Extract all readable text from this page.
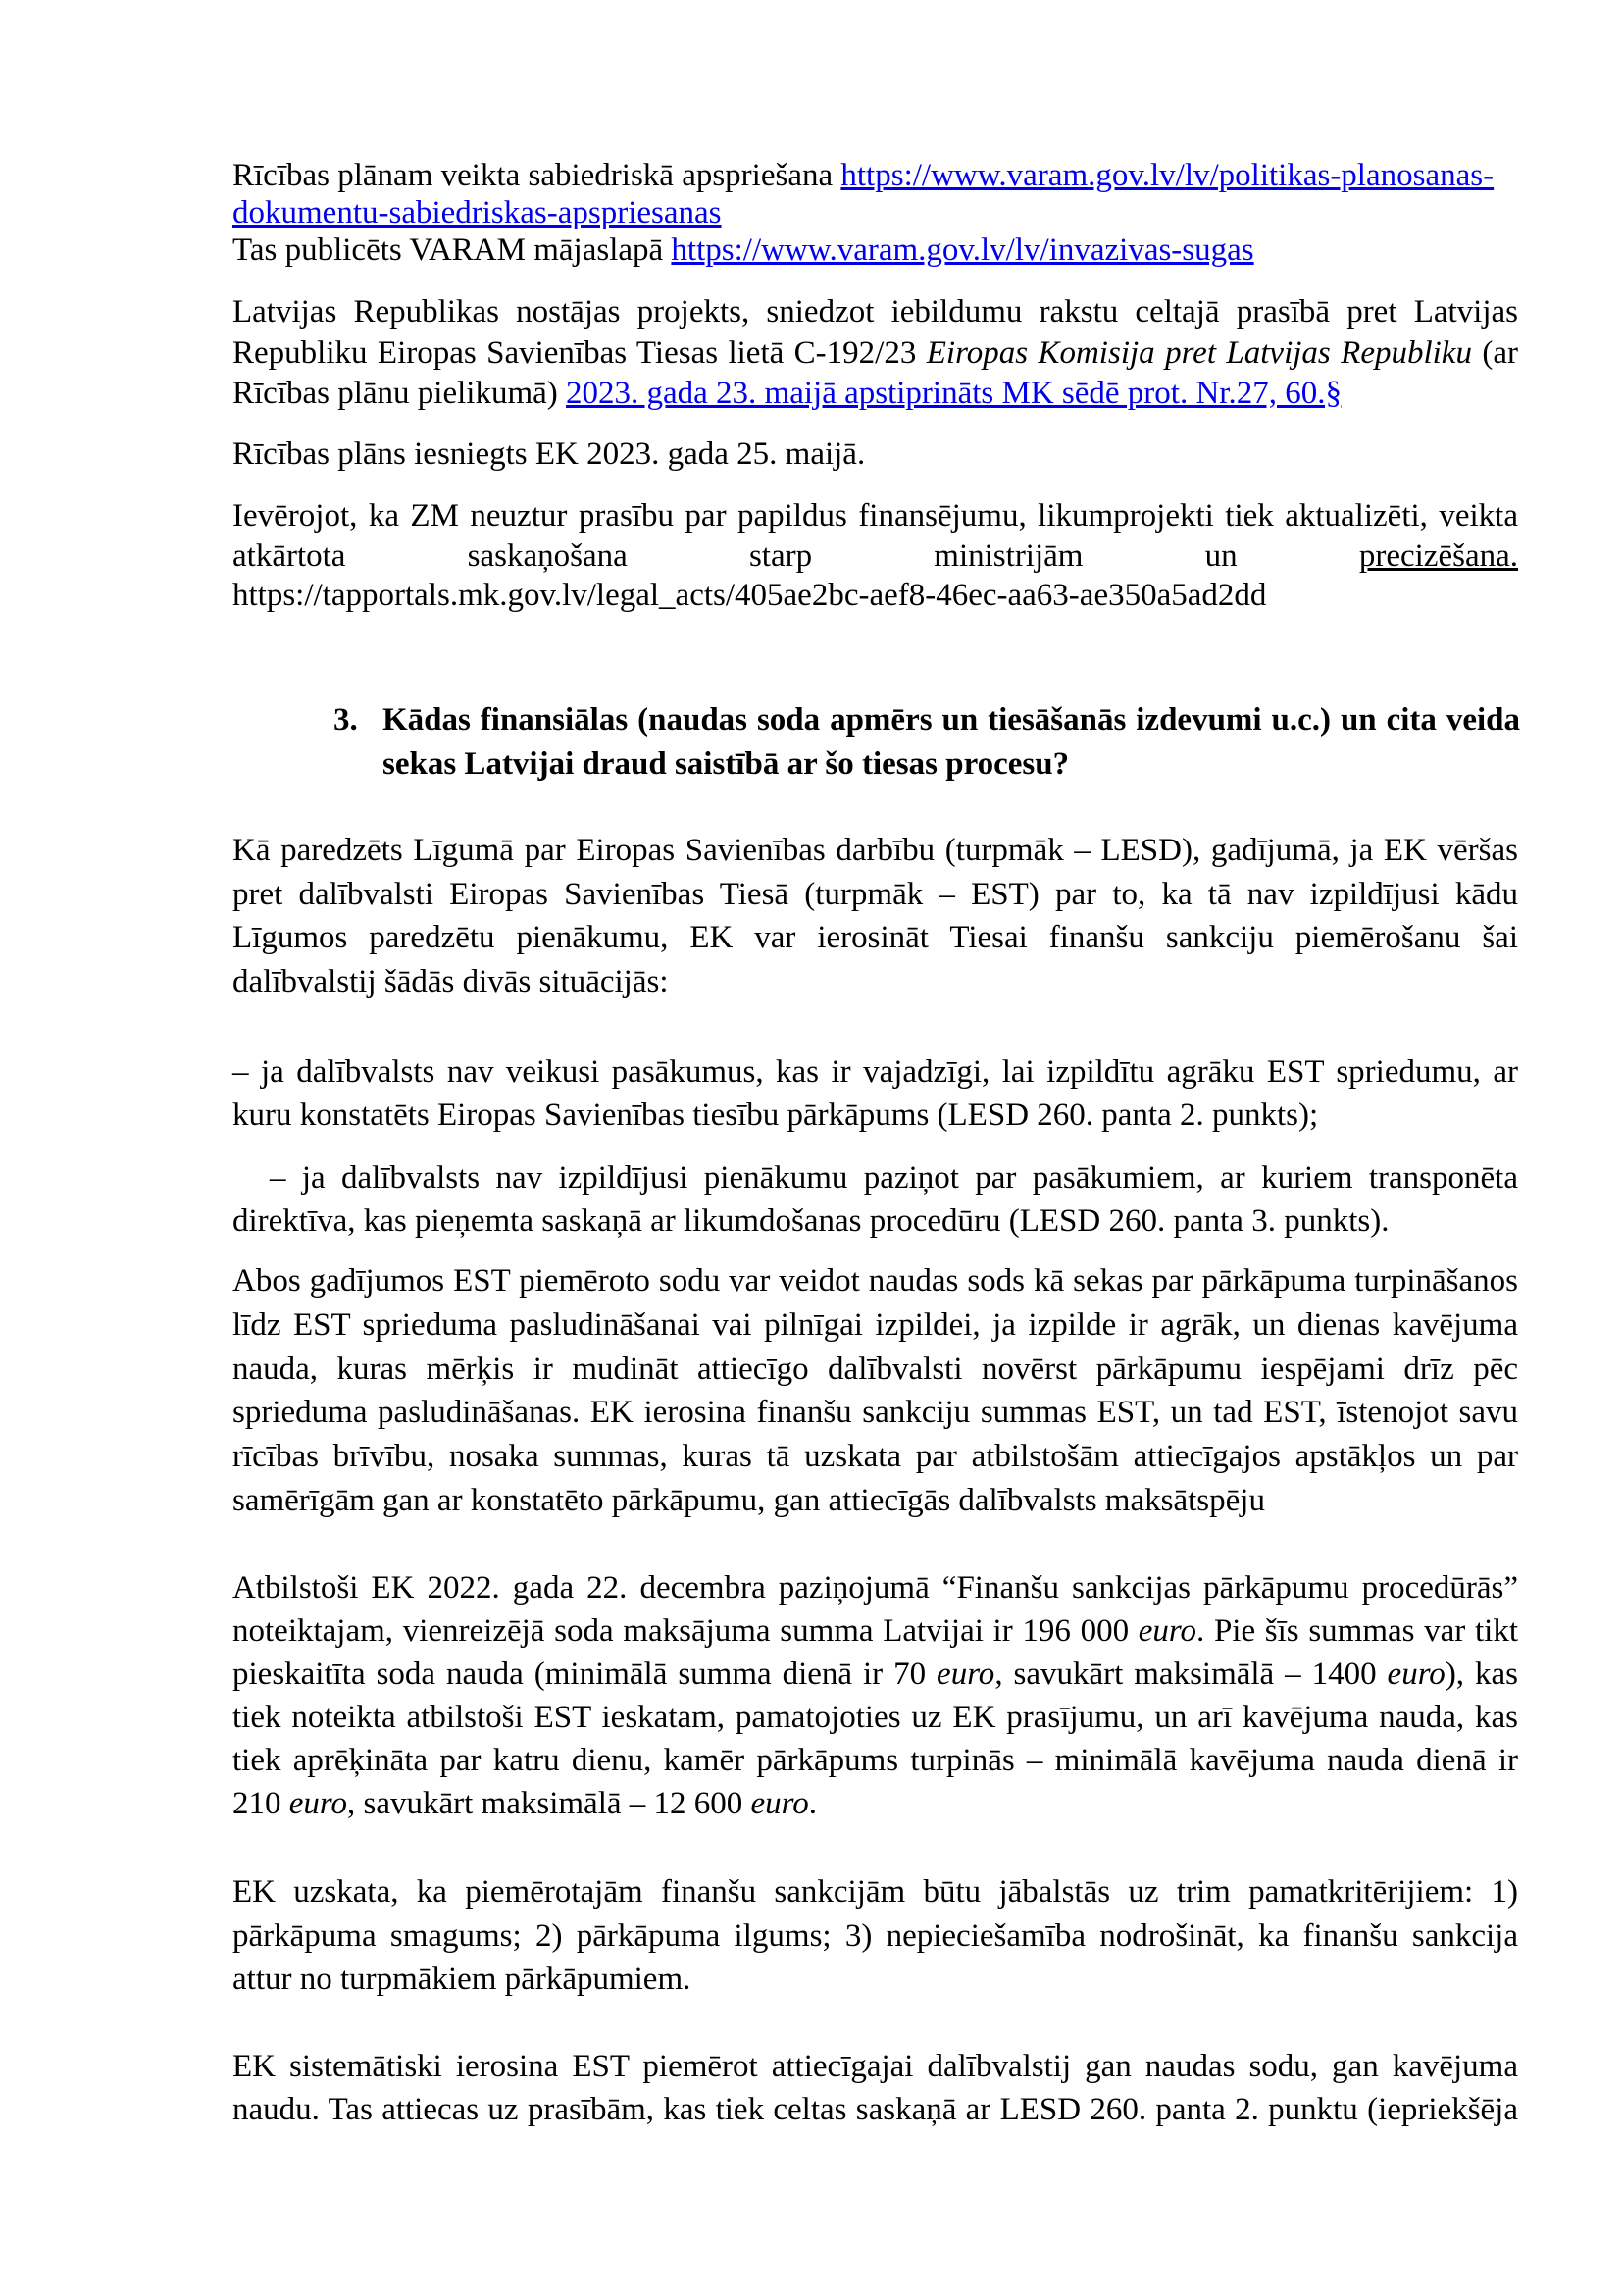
Rīcības plānam veikta sabiedriskā apspriešana https://www.varam.gov.lv/lv/politikas-planosanas-dokumentu-sabiedriskas-apspriesanas
Tas publicēts VARAM mājaslapā https://www.varam.gov.lv/lv/invazivas-sugas

Latvijas Republikas nostājas projekts, sniedzot iebildumu rakstu celtajā prasībā pret Latvijas Republiku Eiropas Savienības Tiesas lietā C-192/23 Eiropas Komisija pret Latvijas Republiku (ar Rīcības plānu pielikumā) 2023. gada 23. maijā apstiprināts MK sēdē prot. Nr.27, 60.§

Rīcības plāns iesniegts EK 2023. gada 25. maijā.

Ievērojot, ka ZM neuztur prasību par papildus finansējumu, likumprojekti tiek aktualizēti, veikta atkārtota saskaņošana starp ministrijām un precizēšana. https://tapportals.mk.gov.lv/legal_acts/405ae2bc-aef8-46ec-aa63-ae350a5ad2dd

3. Kādas finansiālas (naudas soda apmērs un tiesāšanās izdevumi u.c.) un cita veida sekas Latvijai draud saistībā ar šo tiesas procesu?

Kā paredzēts Līgumā par Eiropas Savienības darbību (turpmāk – LESD), gadījumā, ja EK vēršas pret dalībvalsti Eiropas Savienības Tiesā (turpmāk – EST) par to, ka tā nav izpildījusi kādu Līgumos paredzētu pienākumu, EK var ierosināt Tiesai finanšu sankciju piemērošanu šai dalībvalstij šādās divās situācijās:

– ja dalībvalsts nav veikusi pasākumus, kas ir vajadzīgi, lai izpildītu agrāku EST spriedumu, ar kuru konstatēts Eiropas Savienības tiesību pārkāpums (LESD 260. panta 2. punkts);

– ja dalībvalsts nav izpildījusi pienākumu paziņot par pasākumiem, ar kuriem transponēta direktīva, kas pieņemta saskaņā ar likumdošanas procedūru (LESD 260. panta 3. punkts).

Abos gadījumos EST piemēroto sodu var veidot naudas sods kā sekas par pārkāpuma turpināšanos līdz EST sprieduma pasludināšanai vai pilnīgai izpildei, ja izpilde ir agrāk, un dienas kavējuma nauda, kuras mērķis ir mudināt attiecīgo dalībvalsti novērst pārkāpumu iespējami drīz pēc sprieduma pasludināšanas. EK ierosina finanšu sankciju summas EST, un tad EST, īstenojot savu rīcības brīvību, nosaka summas, kuras tā uzskata par atbilstošām attiecīgajos apstākļos un par samērīgām gan ar konstatēto pārkāpumu, gan attiecīgās dalībvalsts maksātspēju

Atbilstoši EK 2022. gada 22. decembra paziņojumā “Finanšu sankcijas pārkāpumu procedūrās” noteiktajam, vienreizējā soda maksājuma summa Latvijai ir 196 000 euro. Pie šīs summas var tikt pieskaitīta soda nauda (minimālā summa dienā ir 70 euro, savukārt maksimālā – 1400 euro), kas tiek noteikta atbilstoši EST ieskatam, pamatojoties uz EK prasījumu, un arī kavējuma nauda, kas tiek aprēķināta par katru dienu, kamēr pārkāpums turpinās – minimālā kavējuma nauda dienā ir 210 euro, savukārt maksimālā – 12 600 euro.

EK uzskata, ka piemērotajām finanšu sankcijām būtu jābalstās uz trim pamatkritērijiem: 1) pārkāpuma smagums; 2) pārkāpuma ilgums; 3) nepieciešamība nodrošināt, ka finanšu sankcija attur no turpmākiem pārkāpumiem.

EK sistemātiski ierosina EST piemērot attiecīgajai dalībvalstij gan naudas sodu, gan kavējuma naudu. Tas attiecas uz prasībām, kas tiek celtas saskaņā ar LESD 260. panta 2. punktu (iepriekšēja
